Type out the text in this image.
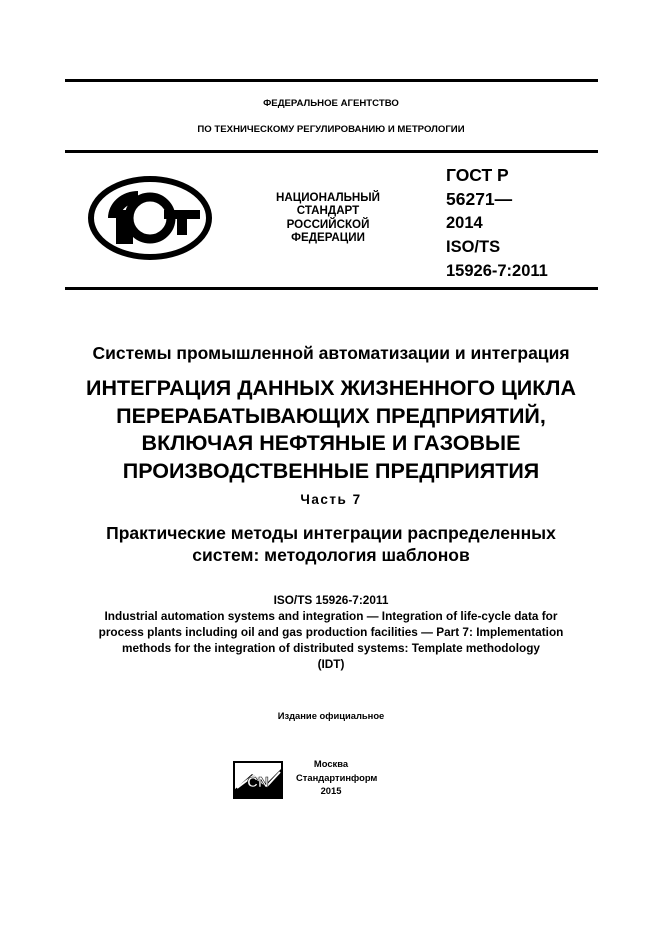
ФЕДЕРАЛЬНОЕ АГЕНТСТВО
ПО ТЕХНИЧЕСКОМУ РЕГУЛИРОВАНИЮ И МЕТРОЛОГИИ
НАЦИОНАЛЬНЫЙ
СТАНДАРТ
РОССИЙСКОЙ
ФЕДЕРАЦИИ
ГОСТ Р
56271—
2014
ISO/TS
15926-7:2011
Системы промышленной автоматизации и интеграция
ИНТЕГРАЦИЯ ДАННЫХ ЖИЗНЕННОГО ЦИКЛА
ПЕРЕРАБАТЫВАЮЩИХ ПРЕДПРИЯТИЙ,
ВКЛЮЧАЯ НЕФТЯНЫЕ И ГАЗОВЫЕ
ПРОИЗВОДСТВЕННЫЕ ПРЕДПРИЯТИЯ
Часть 7
Практические методы интеграции распределенных
систем: методология шаблонов
ISO/TS 15926-7:2011
Industrial automation systems and integration — Integration of life-cycle data for
process plants including oil and gas production facilities — Part 7: Implementation
methods for the integration of distributed systems: Template methodology
(IDT)
Издание официальное
CN
Москва
Стандартинформ
2015
